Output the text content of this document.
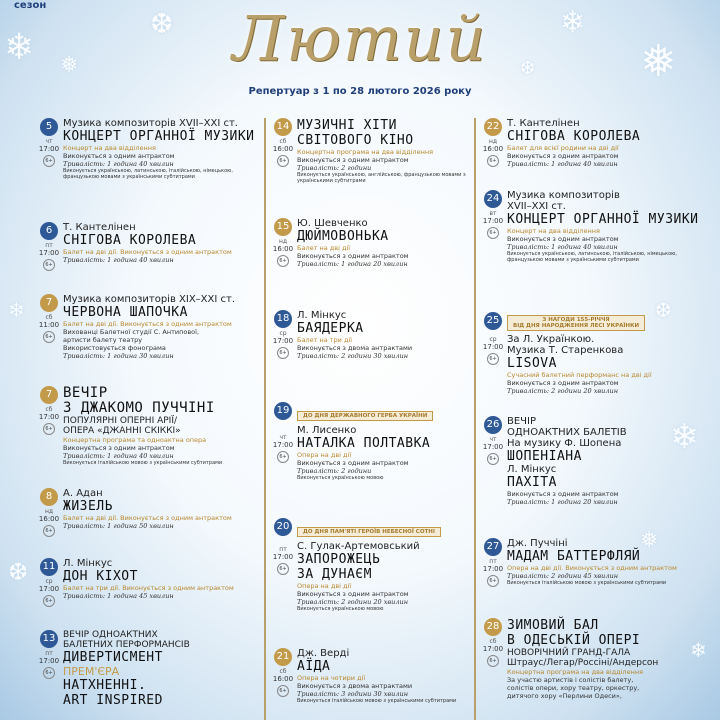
❄ ❅
❆	❄
❅
❆
❄
❆
❄
❅
❆
❄
сезон	Лютий
Репертуар з 1 по 28 лютого 2026 року
5
чт
17:00
6+
Музика композиторів XVII–XXI ст.
КОНЦЕРТ ОРГАННОЇ МУЗИКИ
Концерт на два відділення
Виконується з одним антрактом
Тривалість: 1 година 40 хвилин
Виконується українською, латинською, італійською, німецькою, французькою мовами з українськими субтитрами
6
пт
17:00
6+
Т. Кантелінен
СНІГОВА КОРОЛЕВА
Балет на дві дії. Виконується з одним антрактом
Тривалість: 1 година 40 хвилин
7
сб
11:00
6+
Музика композиторів XIX–XXI ст.
ЧЕРВОНА ШАПОЧКА
Балет на дві дії. Виконується з одним антрактом
Вихованці Балетної студії С. Антипової,
артисти балету театру
Використовується фонограма
Тривалість: 1 година 30 хвилин
7
сб
17:00
6+
ВЕЧІР
З ДЖАКОМО ПУЧЧІНІ
ПОПУЛЯРНІ ОПЕРНІ АРІЇ/
ОПЕРА «ДЖАННІ СКІККІ»
Концертна програма та одноактна опера
Виконується з одним антрактом
Тривалість: 1 година 40 хвилин
Виконується італійською мовою з українськими субтитрами
8
нд
16:00
6+
А. Адан
ЖИЗЕЛЬ
Балет на дві дії. Виконується з одним антрактом
Тривалість: 1 година 50 хвилин
11
ср
17:00
6+
Л. Мінкус
ДОН КІХОТ
Балет на три дії. Виконується з одним антрактом
Тривалість: 1 година 45 хвилин
13
пт
17:00
6+
ВЕЧІР ОДНОАКТНИХ
БАЛЕТНИХ ПЕРФОРМАНСІВ
ДИВЕРТИСМЕНТ
ПРЕМ'ЄРА
НАТХНЕННІ.
ART INSPIRED
14
сб
16:00
6+
МУЗИЧНІ ХІТИ
СВІТОВОГО КІНО
Концертна програма на два відділення
Виконується з одним антрактом
Тривалість: 2 години
Виконується українською, англійською, французькою мовами з українськими субтитрами
15
нд
16:00
6+
Ю. Шевченко
ДЮЙМОВОНЬКА
Балет на дві дії
Виконується з одним антрактом
Тривалість: 1 година 20 хвилин
18
ср
17:00
6+
Л. Мінкус
БАЯДЕРКА
Балет на три дії
Виконується з двома антрактами
Тривалість: 2 години 30 хвилин
19
чт
17:00
6+
ДО ДНЯ ДЕРЖАВНОГО ГЕРБА УКРАЇНИ
М. Лисенко
НАТАЛКА ПОЛТАВКА
Опера на дві дії
Виконується з одним антрактом
Тривалість: 2 години
Виконується українською мовою
20
пт
17:00
6+
ДО ДНЯ ПАМ'ЯТІ ГЕРОЇВ НЕБЕСНОЇ СОТНІ
С. Гулак-Артемовський
ЗАПОРОЖЕЦЬ
ЗА ДУНАЄМ
Опера на дві дії
Виконується з одним антрактом
Тривалість: 2 години 20 хвилин
Виконується українською мовою
21
сб
16:00
6+
Дж. Верді
АЇДА
Опера на чотири дії
Виконується з двома антрактами
Тривалість: 3 години 30 хвилин
Виконується італійською мовою з українськими субтитрами
22
нд
16:00
6+
Т. Кантелінен
СНІГОВА КОРОЛЕВА
Балет для всієї родини на дві дії
Виконується з одним антрактом
Тривалість: 1 година 40 хвилин
24
вт
17:00
6+
Музика композиторів
XVII–XXI ст.
КОНЦЕРТ ОРГАННОЇ МУЗИКИ
Концерт на два відділення
Виконується з одним антрактом
Тривалість: 1 година 40 хвилин
Виконується українською, латинською, італійською, німецькою, французькою мовами з українськими субтитрами
25
ср
17:00
6+
З НАГОДИ 155-РІЧЧЯ
ВІД ДНЯ НАРОДЖЕННЯ ЛЕСІ УКРАЇНКИ
За Л. Українкою.
Музика Т. Старенкова
LISOVA
Сучасний балетний перформанс на дві дії
Виконується з одним антрактом
Тривалість: 2 години 20 хвилин
26
чт
17:00
6+
ВЕЧІР
ОДНОАКТНИХ БАЛЕТІВ
На музику Ф. Шопена
ШОПЕНІАНА
Л. Мінкус
ПАХІТА
Виконується з одним антрактом
Тривалість: 1 година 20 хвилин
27
пт
17:00
6+
Дж. Пуччіні
МАДАМ БАТТЕРФЛЯЙ
Опера на дві дії. Виконується з одним антрактом
Тривалість: 2 години 45 хвилин
Виконується італійською мовою з українськими субтитрами
28
сб
17:00
6+
ЗИМОВИЙ БАЛ
В ОДЕСЬКІЙ ОПЕРІ
НОВОРІЧНИЙ ГРАНД-ГАЛА
Штраус/Легар/Россіні/Андерсон
Концертна програма на два відділення
За участю артистів і солістів балету,
солістів опери, хору театру, оркестру,
дитячого хору «Перлини Одеси»,
